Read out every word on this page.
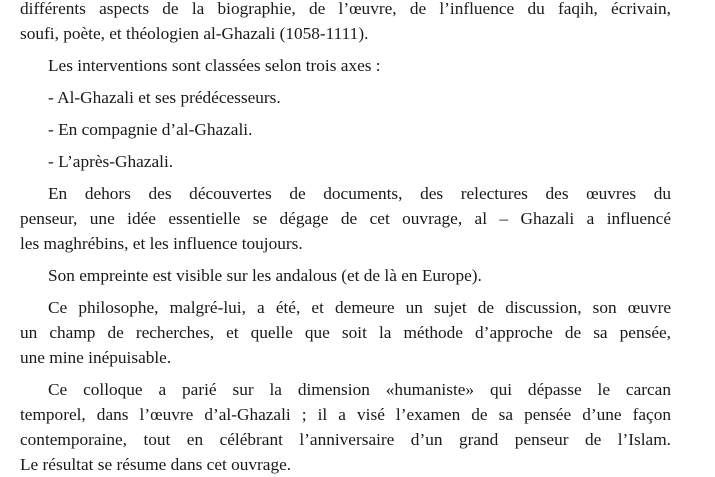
différents aspects de la biographie, de l’œuvre, de l’influence du faqih, écrivain,
soufi, poète, et théologien al-Ghazali (1058-1111).
Les interventions sont classées selon trois axes :
- Al-Ghazali et ses prédécesseurs.
- En compagnie d’al-Ghazali.
- L’après-Ghazali.
En dehors des découvertes de documents, des relectures des œuvres du
penseur, une idée essentielle se dégage de cet ouvrage, al – Ghazali a influencé
les maghrébins, et les influence toujours.
Son empreinte est visible sur les andalous (et de là en Europe).
Ce philosophe, malgré-lui, a été, et demeure un sujet de discussion, son œuvre
un champ de recherches, et quelle que soit la méthode d’approche de sa pensée,
une mine inépuisable.
Ce colloque a parié sur la dimension «humaniste» qui dépasse le carcan
temporel, dans l’œuvre d’al-Ghazali ; il a visé l’examen de sa pensée d’une façon
contemporaine, tout en célébrant l’anniversaire d’un grand penseur de l’Islam.
Le résultat se résume dans cet ouvrage.
